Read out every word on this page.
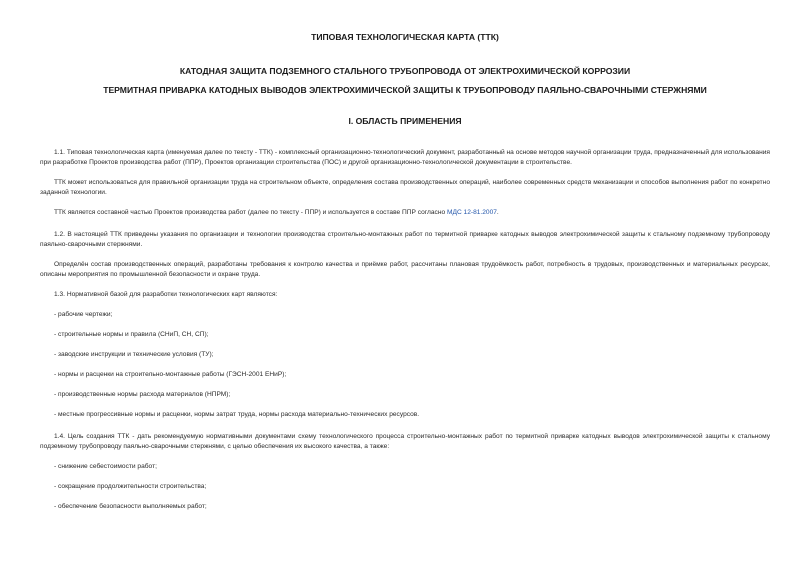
ТИПОВАЯ ТЕХНОЛОГИЧЕСКАЯ КАРТА (ТТК)

КАТОДНАЯ ЗАЩИТА ПОДЗЕМНОГО СТАЛЬНОГО ТРУБОПРОВОДА ОТ ЭЛЕКТРОХИМИЧЕСКОЙ КОРРОЗИИ

ТЕРМИТНАЯ ПРИВАРКА КАТОДНЫХ ВЫВОДОВ ЭЛЕКТРОХИМИЧЕСКОЙ ЗАЩИТЫ К ТРУБОПРОВОДУ ПАЯЛЬНО-СВАРОЧНЫМИ СТЕРЖНЯМИ

I. ОБЛАСТЬ ПРИМЕНЕНИЯ

1.1. Типовая технологическая карта (именуемая далее по тексту - ТТК) - комплексный организационно-технологический документ, разработанный на основе методов научной организации труда, предназначенный для использования при разработке Проектов производства работ (ППР), Проектов организации строительства (ПОС) и другой организационно-технологической документации в строительстве.

ТТК может использоваться для правильной организации труда на строительном объекте, определения состава производственных операций, наиболее современных средств механизации и способов выполнения работ по конкретно заданной технологии.

ТТК является составной частью Проектов производства работ (далее по тексту - ППР) и используется в составе ППР согласно МДС 12-81.2007.

1.2. В настоящей ТТК приведены указания по организации и технологии производства строительно-монтажных работ по термитной приварке катодных выводов электрохимической защиты к стальному подземному трубопроводу паяльно-сварочными стержнями.

Определён состав производственных операций, разработаны требования к контролю качества и приёмке работ, рассчитаны плановая трудоёмкость работ, потребность в трудовых, производственных и материальных ресурсах, описаны мероприятия по промышленной безопасности и охране труда.

1.3. Нормативной базой для разработки технологических карт являются:

- рабочие чертежи;

- строительные нормы и правила (СНиП, СН, СП);

- заводские инструкции и технические условия (ТУ);

- нормы и расценки на строительно-монтажные работы (ГЭСН-2001 ЕНиР);

- производственные нормы расхода материалов (НПРМ);

- местные прогрессивные нормы и расценки, нормы затрат труда, нормы расхода материально-технических ресурсов.

1.4. Цель создания ТТК - дать рекомендуемую нормативными документами схему технологического процесса строительно-монтажных работ по термитной приварке катодных выводов электрохимической защиты к стальному подземному трубопроводу паяльно-сварочными стержнями, с целью обеспечения их высокого качества, а также:

- снижение себестоимости работ;

- сокращение продолжительности строительства;

- обеспечение безопасности выполняемых работ;
